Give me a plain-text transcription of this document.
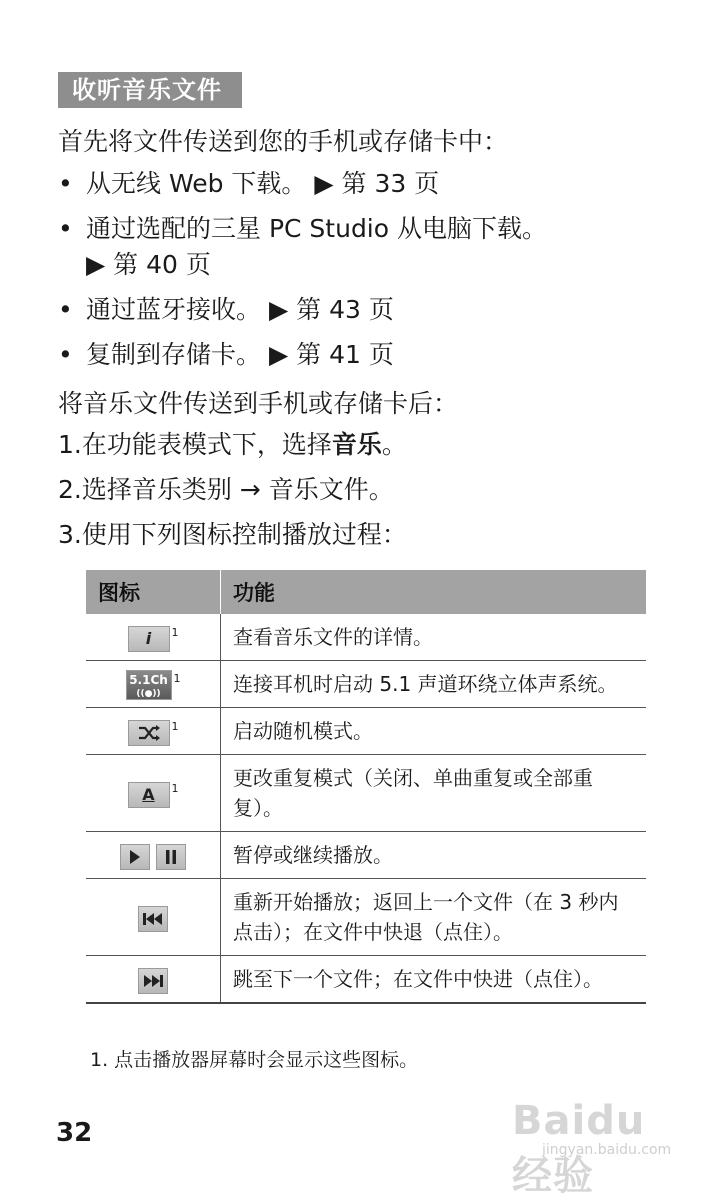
收听音乐文件
首先将文件传送到您的手机或存储卡中：
• 从无线 Web 下载。 ▶ 第 33 页
• 通过选配的三星 PC Studio 从电脑下载。
▶ 第 40 页
• 通过蓝牙接收。 ▶ 第 43 页
• 复制到存储卡。 ▶ 第 41 页
将音乐文件传送到手机或存储卡后：
1.在功能表模式下，选择音乐。
2.选择音乐类别 → 音乐文件。
3.使用下列图标控制播放过程：
图标	功能
i $^1$	查看音乐文件的详情。

5.1Ch
((●))
$^1$	连接耳机时启动 5.1 声道环绕立体声系统。

$^1$	启动随机模式。
A $^1$	更改重复模式（关闭、单曲重复或全部重复）。

	暂停或继续播放。

	重新开始播放；返回上一个文件（在 3 秒内点击）；在文件中快退（点住）。

	跳至下一个文件；在文件中快进（点住）。
1. 点击播放器屏幕时会显示这些图标。
32	Baidu 经验
jingyan.baidu.com
